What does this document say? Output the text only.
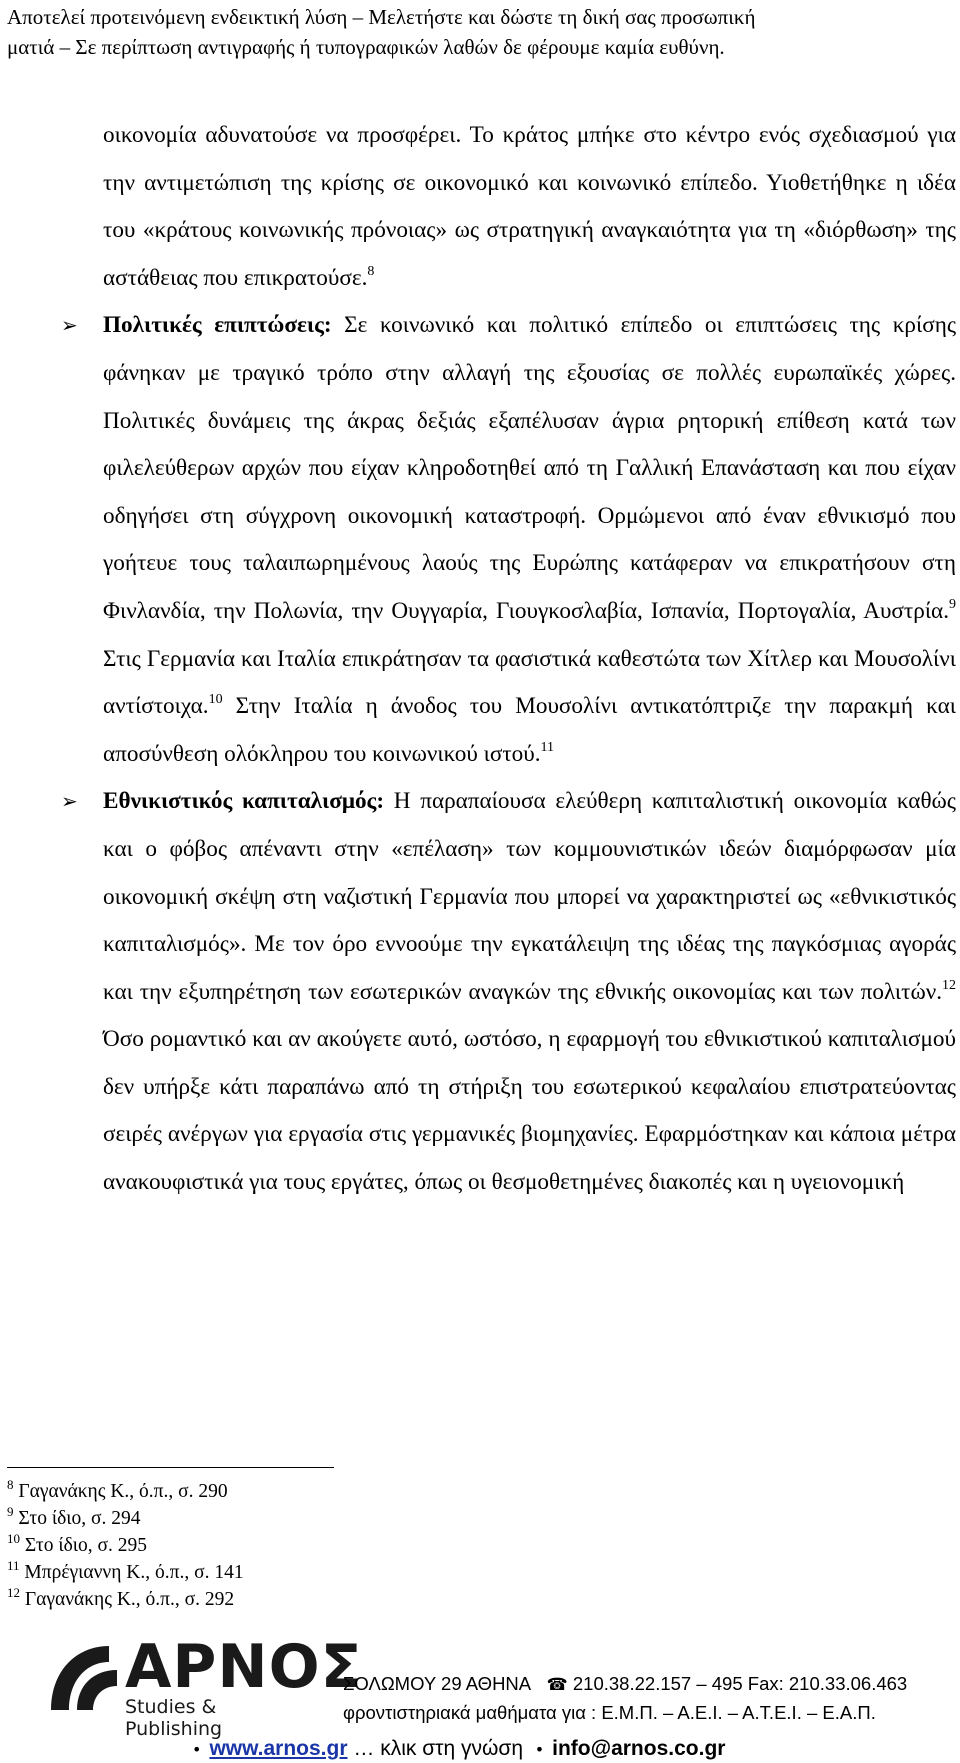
Αποτελεί προτεινόμενη ενδεικτική λύση – Μελετήστε και δώστε τη δική σας προσωπική
ματιά – Σε περίπτωση αντιγραφής ή τυπογραφικών λαθών δε φέρουμε καμία ευθύνη.

οικονομία αδυνατούσε να προσφέρει. Το κράτος μπήκε στο κέντρο ενός σχεδιασμού για την αντιμετώπιση της κρίσης σε οικονομικό και κοινωνικό επίπεδο. Υιοθετήθηκε η ιδέα του «κράτους κοινωνικής πρόνοιας» ως στρατηγική αναγκαιότητα για τη «διόρθωση» της αστάθειας που επικρατούσε.$^8$

➢ Πολιτικές επιπτώσεις: Σε κοινωνικό και πολιτικό επίπεδο οι επιπτώσεις της κρίσης φάνηκαν με τραγικό τρόπο στην αλλαγή της εξουσίας σε πολλές ευρωπαϊκές χώρες. Πολιτικές δυνάμεις της άκρας δεξιάς εξαπέλυσαν άγρια ρητορική επίθεση κατά των φιλελεύθερων αρχών που είχαν κληροδοτηθεί από τη Γαλλική Επανάσταση και που είχαν οδηγήσει στη σύγχρονη οικονομική καταστροφή. Ορμώμενοι από έναν εθνικισμό που γοήτευε τους ταλαιπωρημένους λαούς της Ευρώπης κατάφεραν να επικρατήσουν στη Φινλανδία, την Πολωνία, την Ουγγαρία, Γιουγκοσλαβία, Ισπανία, Πορτογαλία, Αυστρία.$^9$ Στις Γερμανία και Ιταλία επικράτησαν τα φασιστικά καθεστώτα των Χίτλερ και Μουσολίνι αντίστοιχα.$^{10}$ Στην Ιταλία η άνοδος του Μουσολίνι αντικατόπτριζε την παρακμή και αποσύνθεση ολόκληρου του κοινωνικού ιστού.$^{11}$

➢ Εθνικιστικός καπιταλισμός: Η παραπαίουσα ελεύθερη καπιταλιστική οικονομία καθώς και ο φόβος απέναντι στην «επέλαση» των κομμουνιστικών ιδεών διαμόρφωσαν μία οικονομική σκέψη στη ναζιστική Γερμανία που μπορεί να χαρακτηριστεί ως «εθνικιστικός καπιταλισμός». Με τον όρο εννοούμε την εγκατάλειψη της ιδέας της παγκόσμιας αγοράς και την εξυπηρέτηση των εσωτερικών αναγκών της εθνικής οικονομίας και των πολιτών.$^{12}$ Όσο ρομαντικό και αν ακούγετε αυτό, ωστόσο, η εφαρμογή του εθνικιστικού καπιταλισμού δεν υπήρξε κάτι παραπάνω από τη στήριξη του εσωτερικού κεφαλαίου επιστρατεύοντας σειρές ανέργων για εργασία στις γερμανικές βιομηχανίες. Εφαρμόστηκαν και κάποια μέτρα ανακουφιστικά για τους εργάτες, όπως οι θεσμοθετημένες διακοπές και η υγειονομική

$^8$ Γαγανάκης Κ., ό.π., σ. 290
$^9$ Στο ίδιο, σ. 294
$^{10}$ Στο ίδιο, σ. 295
$^{11}$ Μπρέγιαννη Κ., ό.π., σ. 141
$^{12}$ Γαγανάκης Κ., ό.π., σ. 292
ΑΡΝΟΣ
Studies & Publishing
ΣΟΛΩΜΟΥ 29 ΑΘΗΝΑ ☎ 210.38.22.157 – 495 Fax: 210.33.06.463
φροντιστηριακά μαθήματα για : Ε.Μ.Π. – Α.Ε.Ι. – Α.Τ.Ε.Ι. – Ε.Α.Π.
• www.arnos.gr … κλικ στη γνώση  • info@arnos.co.gr
